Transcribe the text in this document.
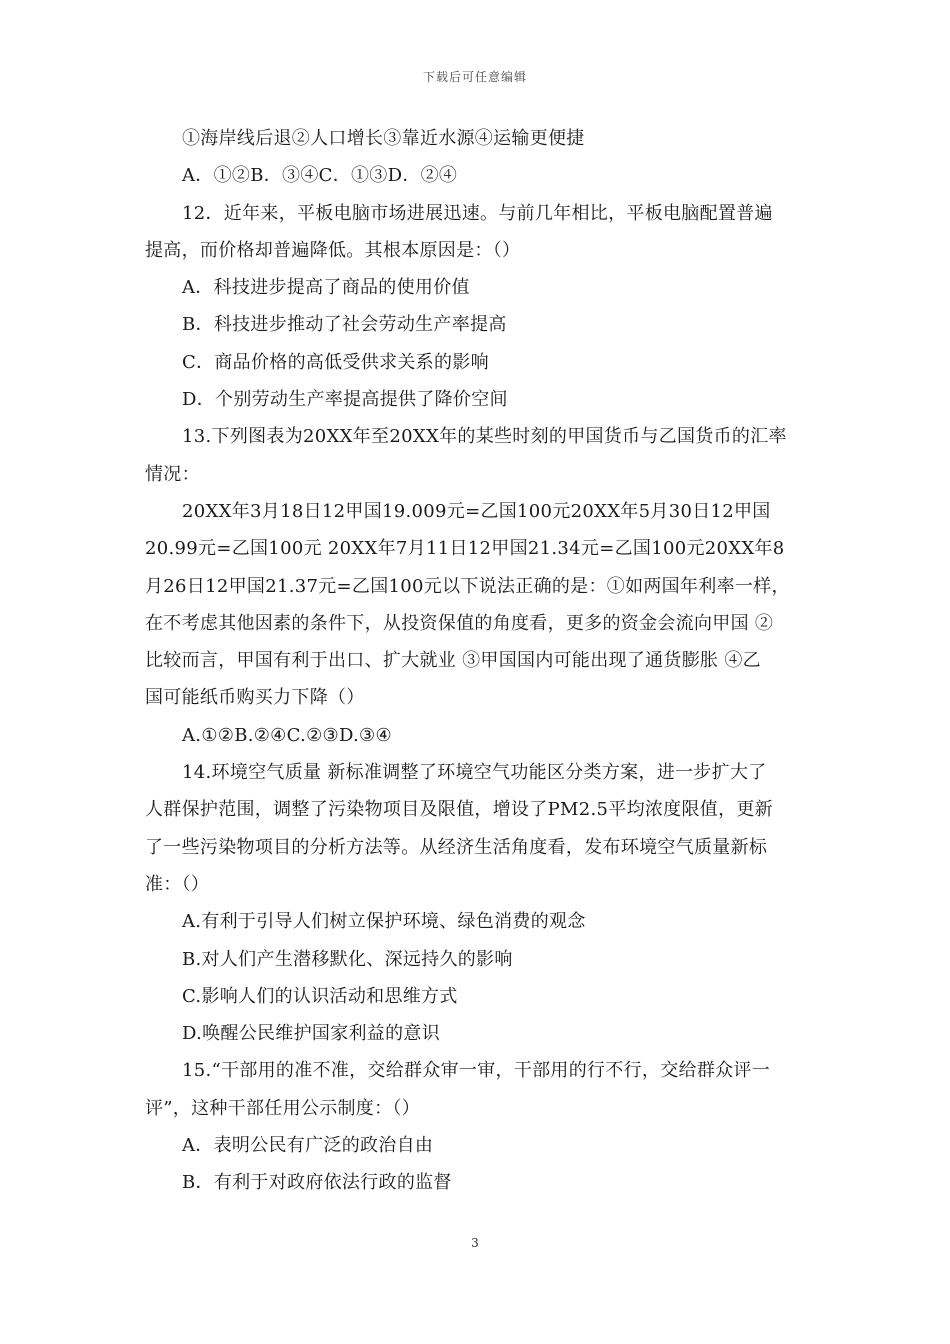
下载后可任意编辑
①海岸线后退②人口增长③靠近水源④运输更便捷
A．①②B．③④C．①③D．②④
12．近年来，平板电脑市场进展迅速。与前几年相比，平板电脑配置普遍
提高，而价格却普遍降低。其根本原因是：（）
A．科技进步提高了商品的使用价值
B．科技进步推动了社会劳动生产率提高
C．商品价格的高低受供求关系的影响
D．个别劳动生产率提高提供了降价空间
13.下列图表为20XX年至20XX年的某些时刻的甲国货币与乙国货币的汇率
情况：
20XX年3月18日12甲国19.009元=乙国100元20XX年5月30日12甲国
20.99元=乙国100元 20XX年7月11日12甲国21.34元=乙国100元20XX年8
月26日12甲国21.37元=乙国100元以下说法正确的是：①如两国年利率一样，
在不考虑其他因素的条件下，从投资保值的角度看，更多的资金会流向甲国 ②
比较而言，甲国有利于出口、扩大就业 ③甲国国内可能出现了通货膨胀 ④乙
国可能纸币购买力下降（）
A.①②B.②④C.②③D.③④
14.环境空气质量 新标准调整了环境空气功能区分类方案，进一步扩大了
人群保护范围，调整了污染物项目及限值，增设了PM2.5平均浓度限值，更新
了一些污染物项目的分析方法等。从经济生活角度看，发布环境空气质量新标
准：（）
A.有利于引导人们树立保护环境、绿色消费的观念
B.对人们产生潜移默化、深远持久的影响
C.影响人们的认识活动和思维方式
D.唤醒公民维护国家利益的意识
15.“干部用的准不准，交给群众审一审，干部用的行不行，交给群众评一
评”，这种干部任用公示制度：（）
A．表明公民有广泛的政治自由
B．有利于对政府依法行政的监督
3
